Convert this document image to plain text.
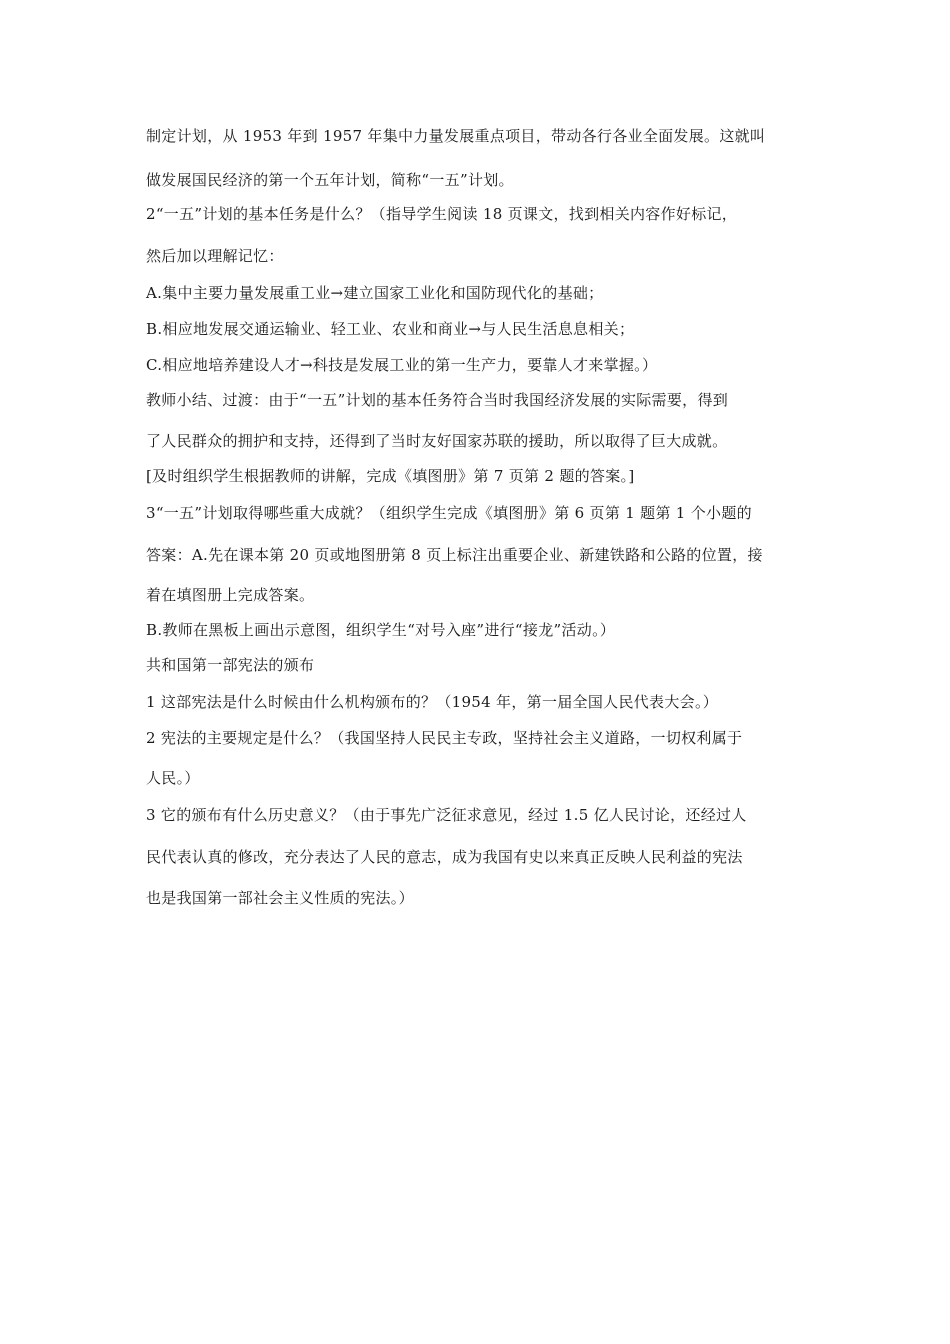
制定计划，从 1953 年到 1957 年集中力量发展重点项目，带动各行各业全面发展。这就叫
做发展国民经济的第一个五年计划，简称“一五”计划。
2“一五”计划的基本任务是什么？（指导学生阅读 18 页课文，找到相关内容作好标记，
然后加以理解记忆：
A.集中主要力量发展重工业→建立国家工业化和国防现代化的基础；
B.相应地发展交通运输业、轻工业、农业和商业→与人民生活息息相关；
C.相应地培养建设人才→科技是发展工业的第一生产力，要靠人才来掌握。）
教师小结、过渡：由于“一五”计划的基本任务符合当时我国经济发展的实际需要，得到
了人民群众的拥护和支持，还得到了当时友好国家苏联的援助，所以取得了巨大成就。
[及时组织学生根据教师的讲解，完成《填图册》第 7 页第 2 题的答案。]
3“一五”计划取得哪些重大成就？（组织学生完成《填图册》第 6 页第 1 题第 1 个小题的
答案：A.先在课本第 20 页或地图册第 8 页上标注出重要企业、新建铁路和公路的位置，接
着在填图册上完成答案。
B.教师在黑板上画出示意图，组织学生“对号入座”进行“接龙”活动。）
共和国第一部宪法的颁布
1 这部宪法是什么时候由什么机构颁布的？（1954 年，第一届全国人民代表大会。）
2 宪法的主要规定是什么？（我国坚持人民民主专政，坚持社会主义道路，一切权利属于
人民。）
3 它的颁布有什么历史意义？（由于事先广泛征求意见，经过 1.5 亿人民讨论，还经过人
民代表认真的修改，充分表达了人民的意志，成为我国有史以来真正反映人民利益的宪法
也是我国第一部社会主义性质的宪法。）
